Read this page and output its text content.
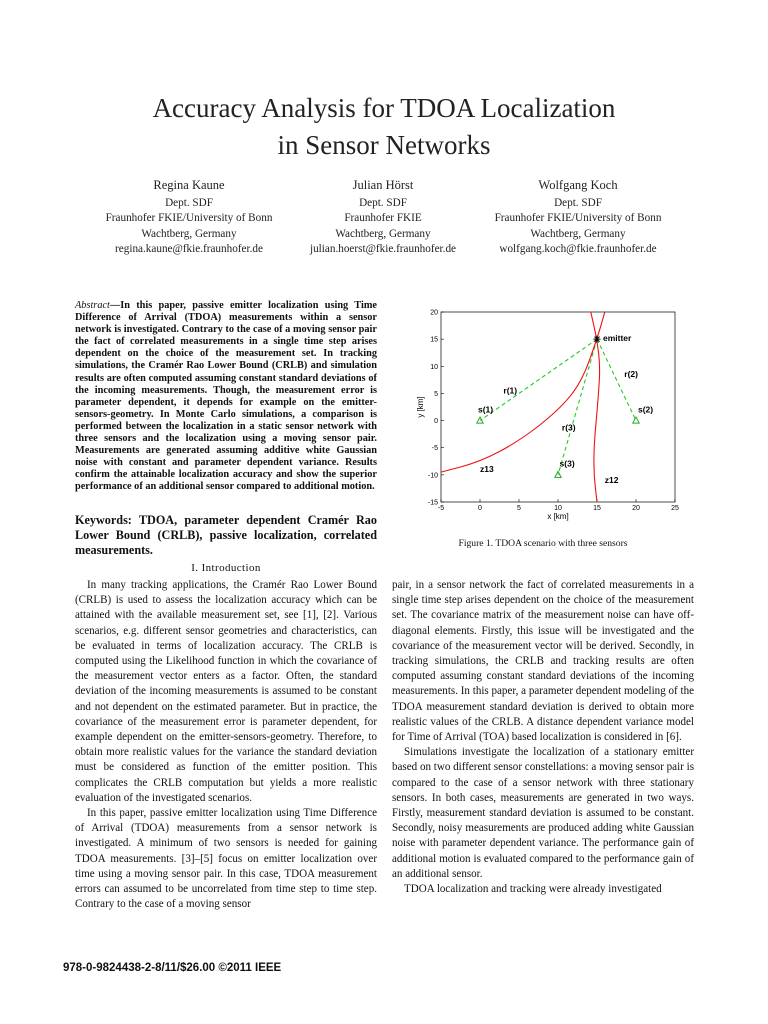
Accuracy Analysis for TDOA Localization
in Sensor Networks
Regina Kaune
Dept. SDF
Fraunhofer FKIE/University of Bonn
Wachtberg, Germany
regina.kaune@fkie.fraunhofer.de
Julian Hörst
Dept. SDF
Fraunhofer FKIE
Wachtberg, Germany
julian.hoerst@fkie.fraunhofer.de
Wolfgang Koch
Dept. SDF
Fraunhofer FKIE/University of Bonn
Wachtberg, Germany
wolfgang.koch@fkie.fraunhofer.de
Abstract—In this paper, passive emitter localization using Time Difference of Arrival (TDOA) measurements within a sensor network is investigated. Contrary to the case of a moving sensor pair the fact of correlated measurements in a single time step arises dependent on the choice of the measurement set. In tracking simulations, the Cramér Rao Lower Bound (CRLB) and simulation results are often computed assuming constant standard deviations of the incoming measurements. Though, the measurement error is parameter dependent, it depends for example on the emitter-sensors-geometry. In Monte Carlo simulations, a comparison is performed between the localization in a static sensor network with three sensors and the localization using a moving sensor pair. Measurements are generated assuming additive white Gaussian noise with constant and parameter dependent variance. Results confirm the attainable localization accuracy and show the superior performance of an additional sensor compared to additional motion.
Keywords: TDOA, parameter dependent Cramér Rao Lower Bound (CRLB), passive localization, correlated measurements.
I. Introduction

In many tracking applications, the Cramér Rao Lower Bound (CRLB) is used to assess the localization accuracy which can be attained with the available measurement set, see [1], [2]. Various scenarios, e.g. different sensor geometries and characteristics, can be evaluated in terms of localization accuracy. The CRLB is computed using the Likelihood function in which the covariance of the measurement vector enters as a factor. Often, the standard deviation of the incoming measurements is assumed to be constant and not dependent on the estimated parameter. But in practice, the covariance of the measurement error is parameter dependent, for example dependent on the emitter-sensors-geometry. Therefore, to obtain more realistic values for the variance the standard deviation must be considered as function of the emitter position. This complicates the CRLB computation but yields a more realistic evaluation of the investigated scenarios.

In this paper, passive emitter localization using Time Difference of Arrival (TDOA) measurements from a sensor network is investigated. A minimum of two sensors is needed for gaining TDOA measurements. [3]–[5] focus on emitter localization over time using a moving sensor pair. In this case, TDOA measurement errors can assumed to be uncorrelated from time step to time step. Contrary to the case of a moving sensor

20
15
10
5
0
-5
-10
-15
-5	0	5	10	15	20	25
emitter
x [km]
y [km]	s(1)	s(2)
s(3)
r(1)
r(2)
r(3)
z13
z12
Figure 1. TDOA scenario with three sensors

pair, in a sensor network the fact of correlated measurements in a single time step arises dependent on the choice of the measurement set. The covariance matrix of the measurement noise can have off-diagonal elements. Firstly, this issue will be investigated and the covariance of the measurement vector will be derived. Secondly, in tracking simulations, the CRLB and tracking results are often computed assuming constant standard deviations of the incoming measurements. In this paper, a parameter dependent modeling of the TDOA measurement standard deviation is derived to obtain more realistic values of the CRLB. A distance dependent variance model for Time of Arrival (TOA) based localization is considered in [6].

Simulations investigate the localization of a stationary emitter based on two different sensor constellations: a moving sensor pair is compared to the case of a sensor network with three stationary sensors. In both cases, measurements are generated in two ways. Firstly, measurement standard deviation is assumed to be constant. Secondly, noisy measurements are produced adding white Gaussian noise with parameter dependent variance. The performance gain of additional motion is evaluated compared to the performance gain of an additional sensor.

TDOA localization and tracking were already investigated

978-0-9824438-2-8/11/$26.00 ©2011 IEEE
